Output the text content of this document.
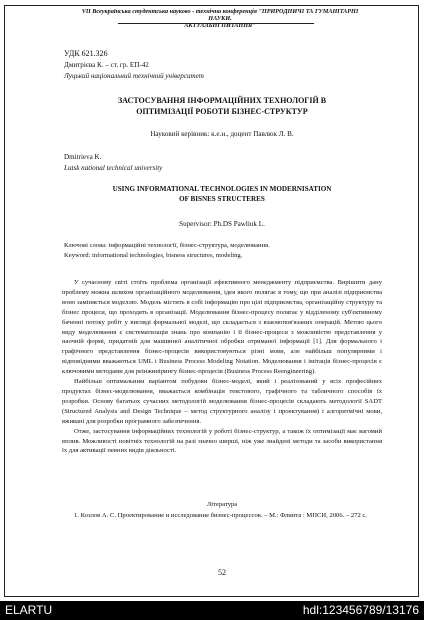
VII Всеукраїнська студентська науково - технічна конференція "ПРИРОДНИЧІ ТА ГУМАНІТАРНІ НАУКИ.
АКТУАЛЬНІ ПИТАННЯ"
УДК 621.326
Дмитрієва К. – ст. гр. ЕП-42
Луцький національний технічний університет
ЗАСТОСУВАННЯ ІНФОРМАЦІЙНИХ ТЕХНОЛОГІЙ В
ОПТИМІЗАЦІЇ РОБОТИ БІЗНЕС-СТРУКТУР
Науковий керівник: к.е.н., доцент Павлюк Л. В.
Dmitrieva K.
Lutsk national technical university
USING INFORMATIONAL TECHNOLOGIES IN MODERNISATION
OF BISNES STRUCTERES
Supervisor: Ph.DS Pawliuk L.
Ключові слова: інформаційні технології, бізнес-структура, моделювання.
Keyword: informational technologies, bisness structures, modeling.

У сучасному світі стоїть проблема організації ефективного менеджменту підприємства. Вирішити дану проблему можна шляхом організаційного моделювання, ідея якого полягає в тому, що при аналізі підприємства воно заміняється моделлю. Модель містить в собі інформацію про цілі підприємства, організаційну структуру та бізнес процеси, що проходять в організації. Моделювання бізнес-процесу полягає у відділеному суб'єктивному баченні потоку робіт у вигляді формальної моделі, що складається з взаємопов'язаних операцій. Метою цього виду моделювання є систематизація знань про компанію і її бізнес-процеси з можливістю представлення у наочній формі, придатній для машинної аналітичної обробки отриманої інформації [1]. Для формального і графічного представлення бізнес-процесів використовуються різні мови, але найбільш популярними і відповідними вважаються UML і Business Process Modeling Notation. Моделювання і імітація бізнес-процесів є ключовими методами для реінжинірингу бізнес-процесів (Business Process Reengineering).

Найбільш оптимальним варіантом побудови бізнес-моделі, який і реалізований у всіх професійних продуктах бізнес-моделювання, вважається комбінація текстового, графічного та табличного способів їх розробки. Основу багатьох сучасних методологій моделювання бізнес-процесів складають методології SADT (Structured Analysis and Design Technique – метод структурного аналізу і проектування) і алгоритмічні мови, вживані для розробки програмного забезпечення.

Отже, застосування інформаційних технологій у роботі бізнес-структур, а також їх оптимізації має вагомий вплив. Можливості новітніх технологій на разі значно ширші, ніж уже знайдені методи та засоби використання їх для активації певних видів діяльності.

Література

1. Козлов А. С. Проектирование и исследование бизнес-процессов. – М.: Флинта : МПСИ, 2006. – 272 с.

52
ELARTU	hdl:123456789/13176
